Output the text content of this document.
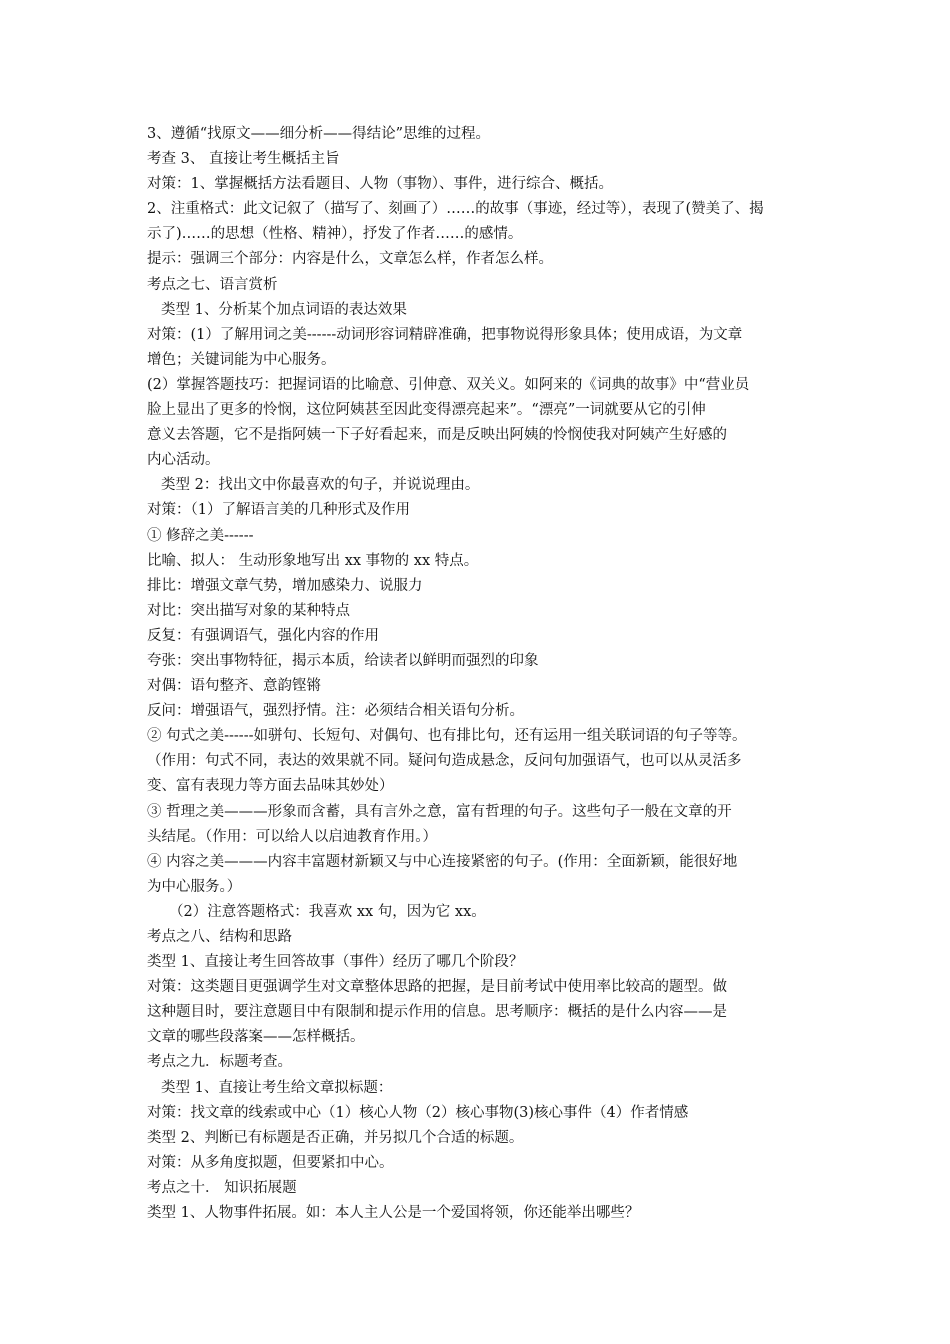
3、遵循“找原文——细分析——得结论”思维的过程。
考查 3、 直接让考生概括主旨
对策：1、掌握概括方法看题目、人物（事物）、事件，进行综合、概括。
2、注重格式：此文记叙了（描写了、刻画了）……的故事（事迹，经过等），表现了(赞美了、揭
示了)……的思想（性格、精神），抒发了作者……的感情。
提示：强调三个部分：内容是什么，文章怎么样，作者怎么样。
考点之七、语言赏析
类型 1、分析某个加点词语的表达效果
对策：(1）了解用词之美------动词形容词精辟准确，把事物说得形象具体；使用成语，为文章
增色；关键词能为中心服务。
(2）掌握答题技巧：把握词语的比喻意、引伸意、双关义。如阿来的《词典的故事》中“营业员
脸上显出了更多的怜悯，这位阿姨甚至因此变得漂亮起来”。“漂亮”一词就要从它的引伸
意义去答题，它不是指阿姨一下子好看起来，而是反映出阿姨的怜悯使我对阿姨产生好感的
内心活动。
类型 2：找出文中你最喜欢的句子，并说说理由。
对策：（1）了解语言美的几种形式及作用
① 修辞之美------
比喻、拟人： 生动形象地写出 xx 事物的 xx 特点。
排比：增强文章气势，增加感染力、说服力
对比：突出描写对象的某种特点
反复：有强调语气，强化内容的作用
夸张：突出事物特征，揭示本质，给读者以鲜明而强烈的印象
对偶：语句整齐、意韵铿锵
反问：增强语气，强烈抒情。注：必须结合相关语句分析。
② 句式之美------如骈句、长短句、对偶句、也有排比句，还有运用一组关联词语的句子等等。
（作用：句式不同，表达的效果就不同。疑问句造成悬念，反问句加强语气，也可以从灵活多
变、富有表现力等方面去品味其妙处）
③ 哲理之美———形象而含蓄，具有言外之意，富有哲理的句子。这些句子一般在文章的开
头结尾。（作用：可以给人以启迪教育作用。）
④ 内容之美———内容丰富题材新颖又与中心连接紧密的句子。(作用：全面新颖，能很好地
为中心服务。）
（2）注意答题格式：我喜欢 xx 句，因为它 xx。
考点之八、结构和思路
类型 1、直接让考生回答故事（事件）经历了哪几个阶段？
对策：这类题目更强调学生对文章整体思路的把握，是目前考试中使用率比较高的题型。做
这种题目时，要注意题目中有限制和提示作用的信息。思考顺序：概括的是什么内容——是
文章的哪些段落案——怎样概括。
考点之九．标题考查。
类型 1、直接让考生给文章拟标题：
对策：找文章的线索或中心（1）核心人物（2）核心事物(3)核心事件（4）作者情感
类型 2、判断已有标题是否正确，并另拟几个合适的标题。
对策：从多角度拟题，但要紧扣中心。
考点之十． 知识拓展题
类型 1、人物事件拓展。如：本人主人公是一个爱国将领，你还能举出哪些？
